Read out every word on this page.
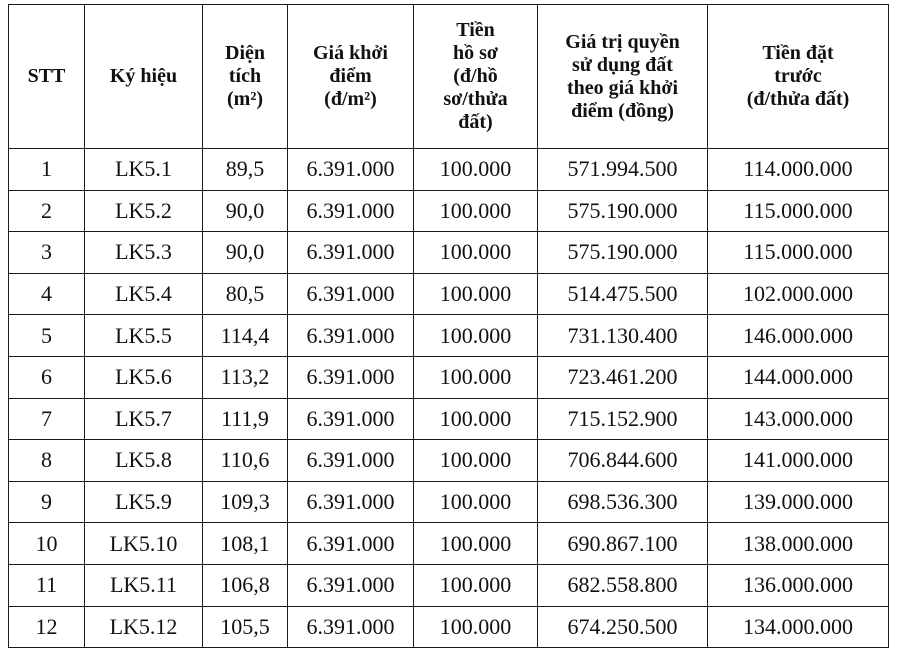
STT	Ký hiệu	Diện
tích
(m²)	Giá khởi
điểm
(đ/m²)	Tiền
hồ sơ
(đ/hồ
sơ/thửa
đất)	Giá trị quyền
sử dụng đất
theo giá khởi
điểm (đồng)	Tiền đặt
trước
(đ/thửa đất)

1	LK5.1	89,5	6.391.000	100.000	571.994.500	114.000.000
2	LK5.2	90,0	6.391.000	100.000	575.190.000	115.000.000
3	LK5.3	90,0	6.391.000	100.000	575.190.000	115.000.000
4	LK5.4	80,5	6.391.000	100.000	514.475.500	102.000.000
5	LK5.5	114,4	6.391.000	100.000	731.130.400	146.000.000
6	LK5.6	113,2	6.391.000	100.000	723.461.200	144.000.000
7	LK5.7	111,9	6.391.000	100.000	715.152.900	143.000.000
8	LK5.8	110,6	6.391.000	100.000	706.844.600	141.000.000
9	LK5.9	109,3	6.391.000	100.000	698.536.300	139.000.000
10	LK5.10	108,1	6.391.000	100.000	690.867.100	138.000.000
11	LK5.11	106,8	6.391.000	100.000	682.558.800	136.000.000
12	LK5.12	105,5	6.391.000	100.000	674.250.500	134.000.000
